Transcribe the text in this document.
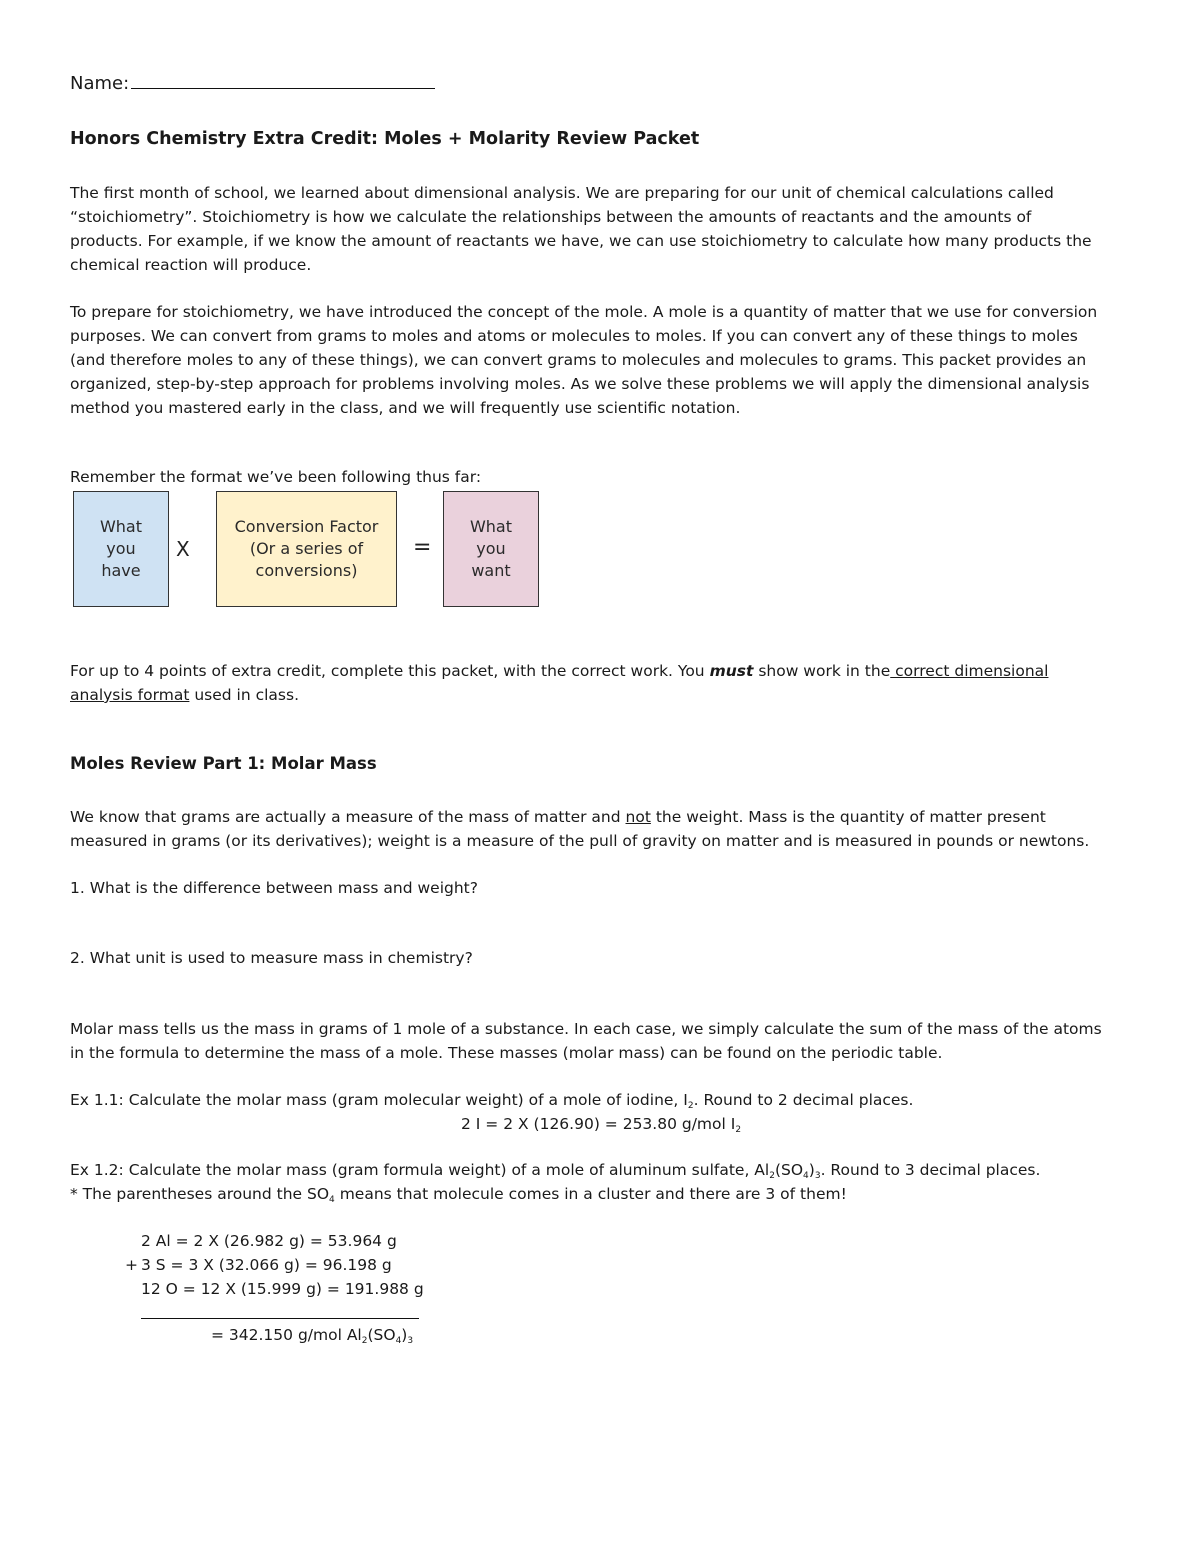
Name:
Honors Chemistry Extra Credit: Moles + Molarity Review Packet
The first month of school, we learned about dimensional analysis. We are preparing for our unit of chemical calculations called
“stoichiometry”. Stoichiometry is how we calculate the relationships between the amounts of reactants and the amounts of
products. For example, if we know the amount of reactants we have, we can use stoichiometry to calculate how many products the
chemical reaction will produce.
To prepare for stoichiometry, we have introduced the concept of the mole. A mole is a quantity of matter that we use for conversion
purposes. We can convert from grams to moles and atoms or molecules to moles. If you can convert any of these things to moles
(and therefore moles to any of these things), we can convert grams to molecules and molecules to grams. This packet provides an
organized, step-by-step approach for problems involving moles. As we solve these problems we will apply the dimensional analysis
method you mastered early in the class, and we will frequently use scientific notation.
Remember the format we’ve been following thus far:
What
you
have
X
Conversion Factor
(Or a series of
conversions)
=
What
you
want
For up to 4 points of extra credit, complete this packet, with the correct work. You must show work in the correct dimensional
analysis format used in class.
Moles Review Part 1: Molar Mass
We know that grams are actually a measure of the mass of matter and not the weight. Mass is the quantity of matter present
measured in grams (or its derivatives); weight is a measure of the pull of gravity on matter and is measured in pounds or newtons.
1. What is the difference between mass and weight?
2. What unit is used to measure mass in chemistry?
Molar mass tells us the mass in grams of 1 mole of a substance. In each case, we simply calculate the sum of the mass of the atoms
in the formula to determine the mass of a mole. These masses (molar mass) can be found on the periodic table.
Ex 1.1: Calculate the molar mass (gram molecular weight) of a mole of iodine, $I_2$. Round to 2 decimal places.
2 I = 2 X (126.90) = 253.80 g/mol $I_2$
Ex 1.2: Calculate the molar mass (gram formula weight) of a mole of aluminum sulfate, $Al_2(SO_4)_3$. Round to 3 decimal places.
* The parentheses around the $SO_4$ means that molecule comes in a cluster and there are 3 of them!
2 Al = 2 X (26.982 g) = 53.964 g
+ 3 S = 3 X (32.066 g) = 96.198 g
12 O = 12 X (15.999 g) = 191.988 g
= 342.150 g/mol $Al_2(SO_4)_3$
